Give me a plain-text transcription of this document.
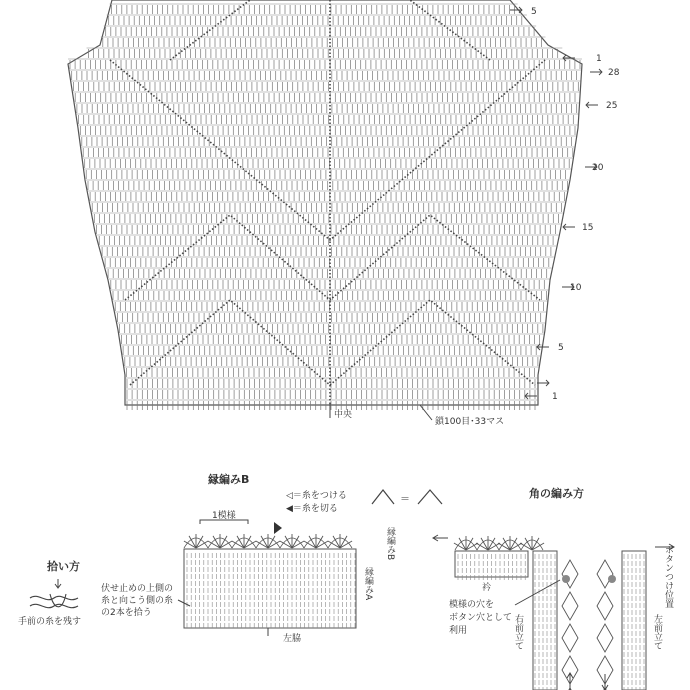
5
1
28
25
20
15
10
5
1
中央
鎖100目･33マス
縁編みB
◁＝糸をつける
◀＝糸を切る
＝
1模様
縁編みB
縁編みA
左脇
伏せ止めの上側の
糸と向こう側の糸
の2本を拾う
拾い方
手前の糸を残す
角の編み方
衿
模様の穴を
ボタン穴として
利用	右前立て
ボタンつけ位置
左前立て
